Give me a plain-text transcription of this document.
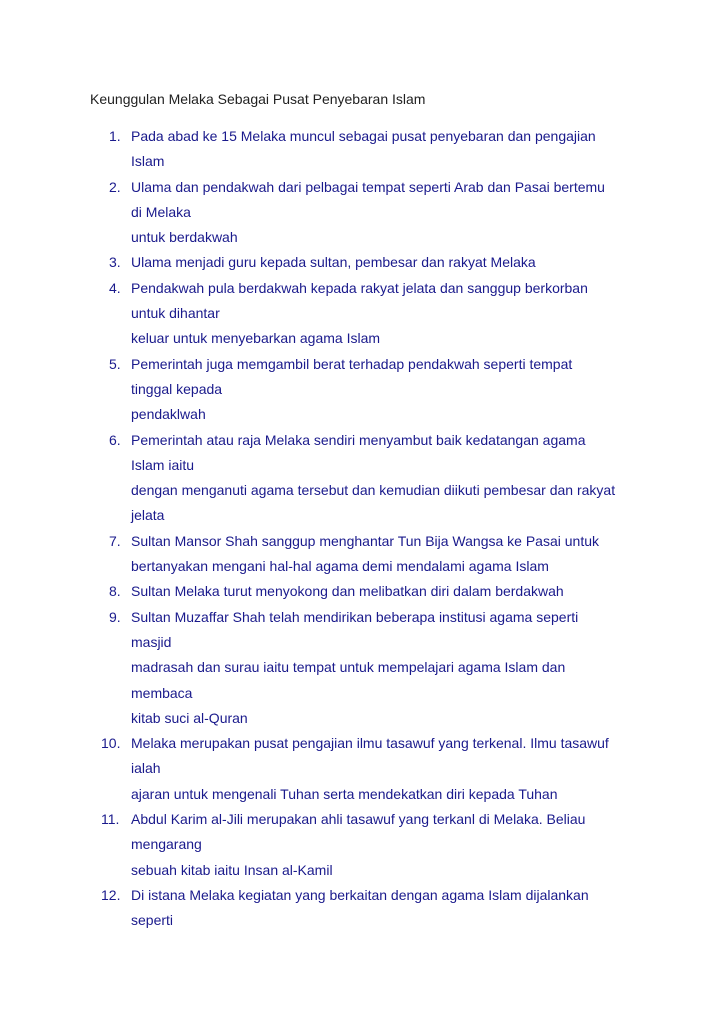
Keunggulan Melaka Sebagai Pusat Penyebaran Islam
1. Pada abad ke 15 Melaka muncul sebagai pusat penyebaran dan pengajian
Islam
2. Ulama dan pendakwah dari pelbagai tempat seperti Arab dan Pasai bertemu
di Melaka
untuk berdakwah
3. Ulama menjadi guru kepada sultan, pembesar dan rakyat Melaka
4. Pendakwah pula berdakwah kepada rakyat jelata dan sanggup berkorban
untuk dihantar
keluar untuk menyebarkan agama Islam
5. Pemerintah juga memgambil berat terhadap pendakwah seperti tempat
tinggal kepada
pendaklwah
6. Pemerintah atau raja Melaka sendiri menyambut baik kedatangan agama
Islam iaitu
dengan menganuti agama tersebut dan kemudian diikuti pembesar dan rakyat
jelata
7. Sultan Mansor Shah sanggup menghantar Tun Bija Wangsa ke Pasai untuk
bertanyakan mengani hal-hal agama demi mendalami agama Islam
8. Sultan Melaka turut menyokong dan melibatkan diri dalam berdakwah
9. Sultan Muzaffar Shah telah mendirikan beberapa institusi agama seperti
masjid
madrasah dan surau iaitu tempat untuk mempelajari agama Islam dan
membaca
kitab suci al-Quran
10. Melaka merupakan pusat pengajian ilmu tasawuf yang terkenal. Ilmu tasawuf
ialah
ajaran untuk mengenali Tuhan serta mendekatkan diri kepada Tuhan
11. Abdul Karim al-Jili merupakan ahli tasawuf yang terkanl di Melaka. Beliau
mengarang
sebuah kitab iaitu Insan al-Kamil
12. Di istana Melaka kegiatan yang berkaitan dengan agama Islam dijalankan
seperti
